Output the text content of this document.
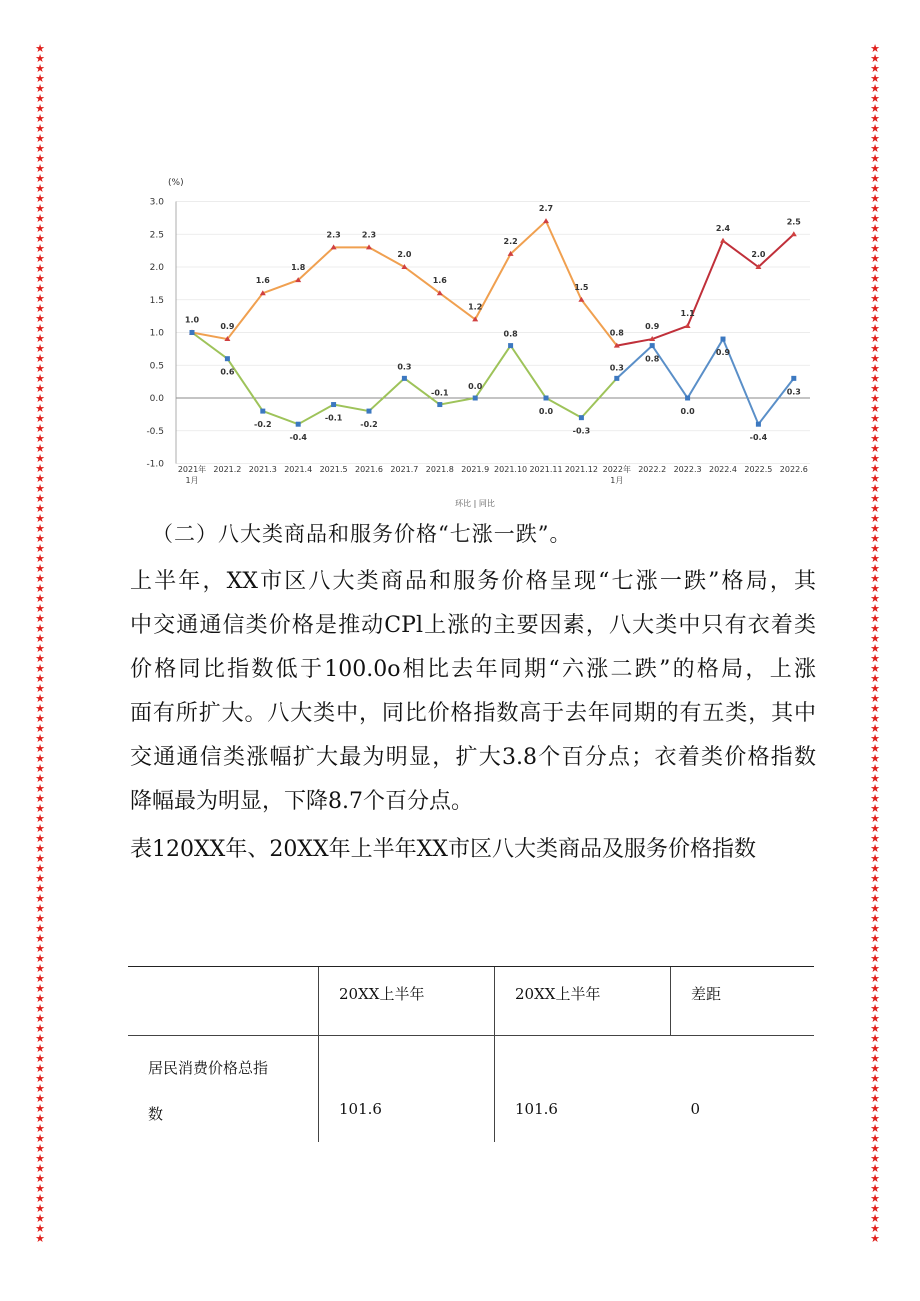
★
★
★
★
★
★
★
★
★
★
★
★
★
★
★
★
★
★
★
★
★
★
★
★
★
★
★
★
★
★
★
★
★
★
★
★
★
★
★
★
★
★
★
★
★
★
★
★
★
★
★
★
★
★
★
★
★
★
★
★
★
★
★
★
★
★
★
★
★
★
★
★
★
★
★
★
★
★
★
★
★
★
★
★
★
★
★
★
★
★
★
★
★
★
★
★
★
★
★
★
★
★
★
★
★
★
★
★
★
★
★
★
★
★
★
★
★
★
★
★
★
★
★
★
★
★
★
★
★
★
★
★
★
★
★
★
★
★
★
★
★
★
★
★
★
★
★
★
★
★
★
★
★
★
★
★
★
★
★
★
★
★
★
★
★
★
★
★
★
★
★
★
★
★
★
★
★
★
★
★
★
★
★
★
★
★
★
★
★
★
★
★
★
★
★
★
★
★
★
★
★
★
★
★
★
★
★
★
★
★
★
★
★
★
★
★
★
★
★
★
★
★
★
★
★
★
★
★
★
★
★
★
★
★
★
★
★
★
★
★
(%)
3.0
2.5
2.0
1.5
1.0
0.5
0.0
-0.5
-1.0 2021年
1月
2021.2 2021.3 2021.4 2021.5 2021.6 2021.7 2021.8 2021.9 2021.10 2021.11 2021.12 2022年
1月
2022.2 2022.3 2022.4 2022.5 2022.6
1.0
0.9
1.6
1.8
2.3	2.3
2.0
1.6
1.2
2.2
2.7
1.5
0.8
0.9
1.1
2.4
2.0
2.5
0.6
-0.2
-0.4
-0.1
-0.2
0.3
-0.1
0.0
0.8
0.0
-0.3
0.3
0.8
0.0
0.9
-0.4
0.3
环比 | 同比
（二）八大类商品和服务价格“七涨一跌”。
上半年，XX市区八大类商品和服务价格呈现“七涨一跌”格局，其
中交通通信类价格是推动CPl上涨的主要因素，八大类中只有衣着类
价格同比指数低于100.0o相比去年同期“六涨二跌”的格局，上涨
面有所扩大。八大类中，同比价格指数高于去年同期的有五类，其中
交通通信类涨幅扩大最为明显，扩大3.8个百分点；衣着类价格指数
降幅最为明显，下降8.7个百分点。
表120XX年、20XX年上半年XX市区八大类商品及服务价格指数
	20XX上半年	20XX上半年	差距

居民消费价格总指
数	101.6	101.6	0
